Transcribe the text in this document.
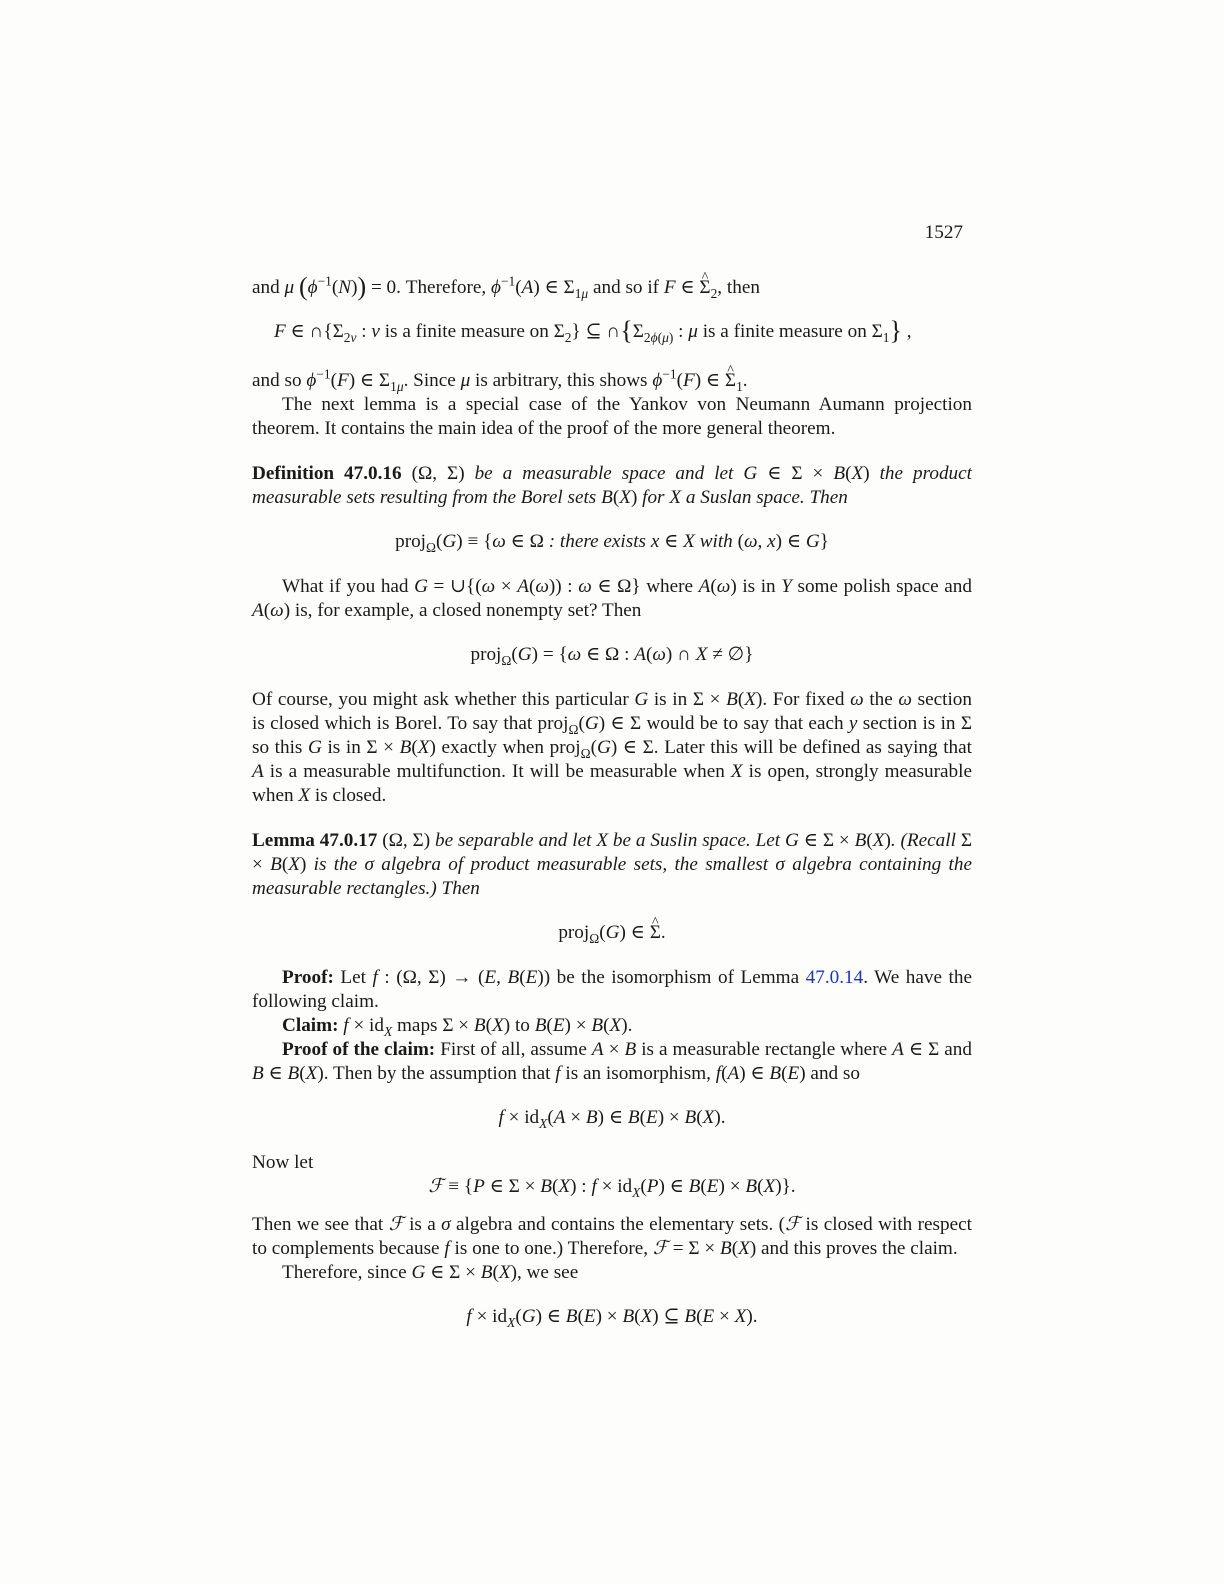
1527

and μ $(\phi^{-1}(N)) = 0$. Therefore, $\phi^{-1}(A)$ ∈ $\Sigma_{1\mu}$ and so if F ∈ ^ $\Sigma_2$, then

F ∈ $\cap\{\Sigma_{2\nu}$ : ν is a finite measure on $\Sigma_2$} ⊆ $\cap\{\Sigma_{2\phi(\mu)}$ : μ is a finite measure on $\Sigma_1$} ,

and so $\phi^{-1}(F)$ ∈ $\Sigma_{1\mu}$. Since μ is arbitrary, this shows $\phi^{-1}(F)$ ∈ ^ $\Sigma_1$.

The next lemma is a special case of the Yankov von Neumann Aumann projection theorem. It contains the main idea of the proof of the more general theorem.

Definition 47.0.16 (Ω, Σ) be a measurable space and let G ∈ Σ × B(X) the product measurable sets resulting from the Borel sets B(X) for X a Suslan space. Then

proj$_\Omega$(G) ≡ {ω ∈ Ω : there exists x ∈ X with (ω, x) ∈ G}

What if you had G = ∪{(ω × A(ω)) : ω ∈ Ω} where A(ω) is in Y some polish space and A(ω) is, for example, a closed nonempty set? Then

proj$_\Omega$(G) = {ω ∈ Ω : A(ω) ∩ X ≠ ∅}

Of course, you might ask whether this particular G is in Σ × B(X). For fixed ω the ω section is closed which is Borel. To say that proj$_\Omega$(G) ∈ Σ would be to say that each y section is in Σ so this G is in Σ × B(X) exactly when proj$_\Omega$(G) ∈ Σ. Later this will be defined as saying that A is a measurable multifunction. It will be measurable when X is open, strongly measurable when X is closed.

Lemma 47.0.17 (Ω, Σ) be separable and let X be a Suslin space. Let G ∈ Σ × B(X). (Recall Σ × B(X) is the σ algebra of product measurable sets, the smallest σ algebra containing the measurable rectangles.) Then

proj$_\Omega$(G) ∈ ^ Σ.

Proof: Let f : (Ω, Σ) → (E, B(E)) be the isomorphism of Lemma 47.0.14. We have the following claim.

Claim: $f \times id_X$ maps Σ × B(X) to B(E) × B(X).

Proof of the claim: First of all, assume A × B is a measurable rectangle where A ∈ Σ and B ∈ B(X). Then by the assumption that f is an isomorphism, f(A) ∈ B(E) and so

$f \times id_X(A \times B)$ ∈ B(E) × B(X).

Now let

ℱ ≡ {P ∈ Σ × B(X) : $f \times id_X(P)$ ∈ B(E) × B(X)}.

Then we see that ℱ is a σ algebra and contains the elementary sets. (ℱ is closed with respect to complements because f is one to one.) Therefore, ℱ = Σ × B(X) and this proves the claim.

Therefore, since G ∈ Σ × B(X), we see

$f \times id_X(G)$ ∈ B(E) × B(X) ⊆ B(E × X).
